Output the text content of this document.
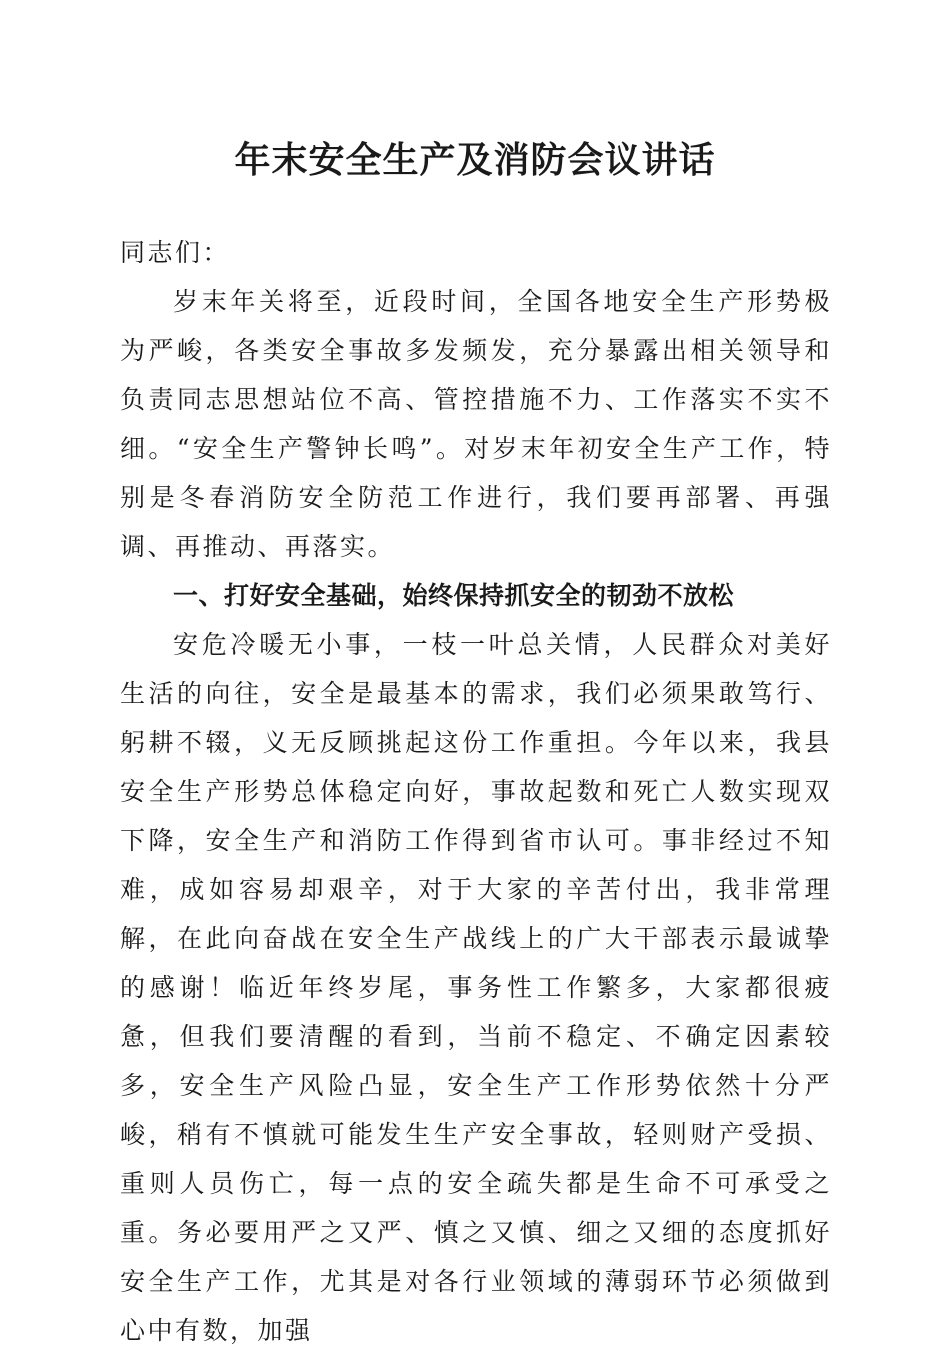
年末安全生产及消防会议讲话

同志们：

岁末年关将至，近段时间，全国各地安全生产形势极为严峻，各类安全事故多发频发，充分暴露出相关领导和负责同志思想站位不高、管控措施不力、工作落实不实不细。“安全生产警钟长鸣”。对岁末年初安全生产工作，特别是冬春消防安全防范工作进行，我们要再部署、再强调、再推动、再落实。

一、打好安全基础，始终保持抓安全的韧劲不放松

安危冷暖无小事，一枝一叶总关情，人民群众对美好生活的向往，安全是最基本的需求，我们必须果敢笃行、躬耕不辍，义无反顾挑起这份工作重担。今年以来，我县安全生产形势总体稳定向好，事故起数和死亡人数实现双下降，安全生产和消防工作得到省市认可。事非经过不知难，成如容易却艰辛，对于大家的辛苦付出，我非常理解，在此向奋战在安全生产战线上的广大干部表示最诚挚的感谢！临近年终岁尾，事务性工作繁多，大家都很疲惫，但我们要清醒的看到，当前不稳定、不确定因素较多，安全生产风险凸显，安全生产工作形势依然十分严峻，稍有不慎就可能发生生产安全事故，轻则财产受损、重则人员伤亡，每一点的安全疏失都是生命不可承受之重。务必要用严之又严、慎之又慎、细之又细的态度抓好安全生产工作，尤其是对各行业领域的薄弱环节必须做到心中有数，加强
